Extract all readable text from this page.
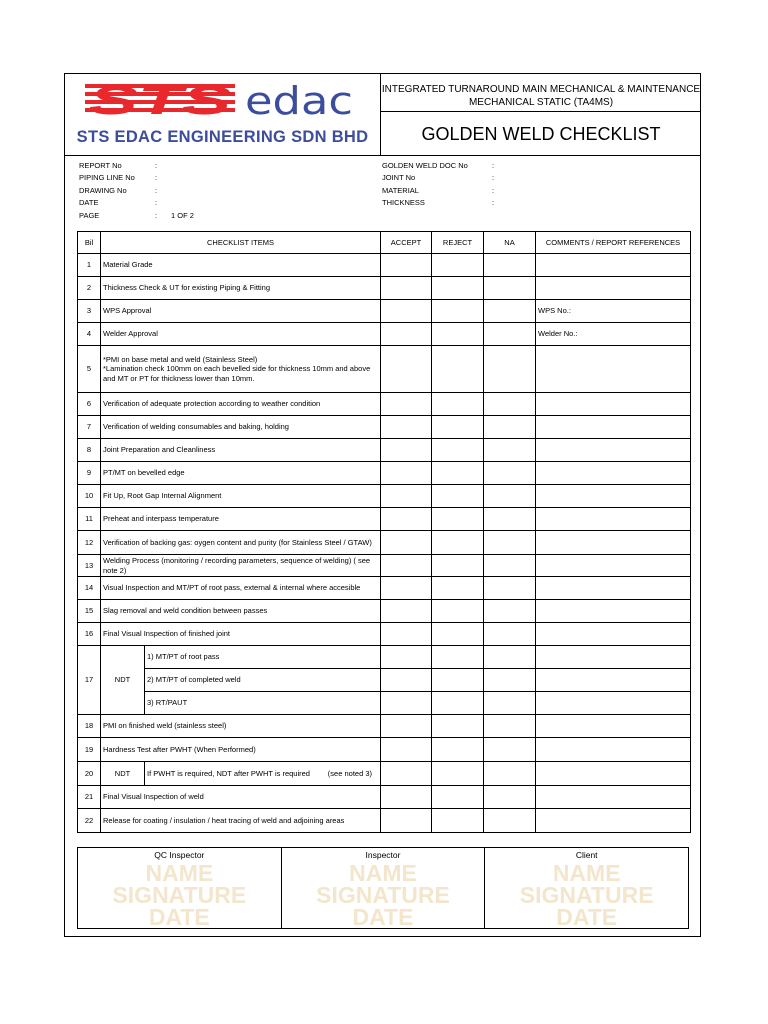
STS edac
STS EDAC ENGINEERING SDN BHD
INTEGRATED TURNAROUND MAIN MECHANICAL & MAINTENANCE
MECHANICAL STATIC (TA4MS)
GOLDEN WELD CHECKLIST
REPORT No	:
PIPING LINE No	:
DRAWING No	:
DATE	:
PAGE	:	1 OF 2
GOLDEN WELD DOC No	:
JOINT No	:
MATERIAL	:
THICKNESS	:
Bil	CHECKLIST ITEMS		ACCEPT	REJECT	NA	COMMENTS / REPORT REFERENCES
1	Material Grade					
2	Thickness Check & UT for existing Piping & Fitting					
3	WPS Approval					WPS No.:
4	Welder Approval					Welder No.:
5	*PMI on base metal and weld (Stainless Steel)
*Lamination check 100mm on each bevelled side for thickness 10mm and above and MT or PT for thickness lower than 10mm.					
6	Verification of adequate protection according to weather condition					
7	Verification of welding consumables and baking, holding					
8	Joint Preparation and Cleanliness					
9	PT/MT on bevelled edge					
10	Fit Up, Root Gap Internal Alignment					
11	Preheat and interpass temperature					
12	Verification of backing gas: oygen content and purity (for Stainless Steel / GTAW)					
13	Welding Process (monitoring / recording parameters, sequence of welding) ( see note 2)					
14	Visual Inspection and MT/PT of root pass, external & internal where accesible					
15	Slag removal and weld condition between passes					
16	Final Visual Inspection of finished joint					
17	NDT	1) MT/PT of root pass				
		2) MT/PT of completed weld				
		3) RT/PAUT				
18	PMI on finished weld (stainless steel)					
19	Hardness Test after PWHT (When Performed)					
20	NDT	If PWHT is required, NDT after PWHT is required (see noted 3)				

21	Final Visual Inspection of weld					
22	Release for coating / insulation / heat tracing of weld and adjoining areas					
QC Inspector
NAME
SIGNATURE
DATE
Inspector
NAME
SIGNATURE
DATE
Client
NAME
SIGNATURE
DATE
